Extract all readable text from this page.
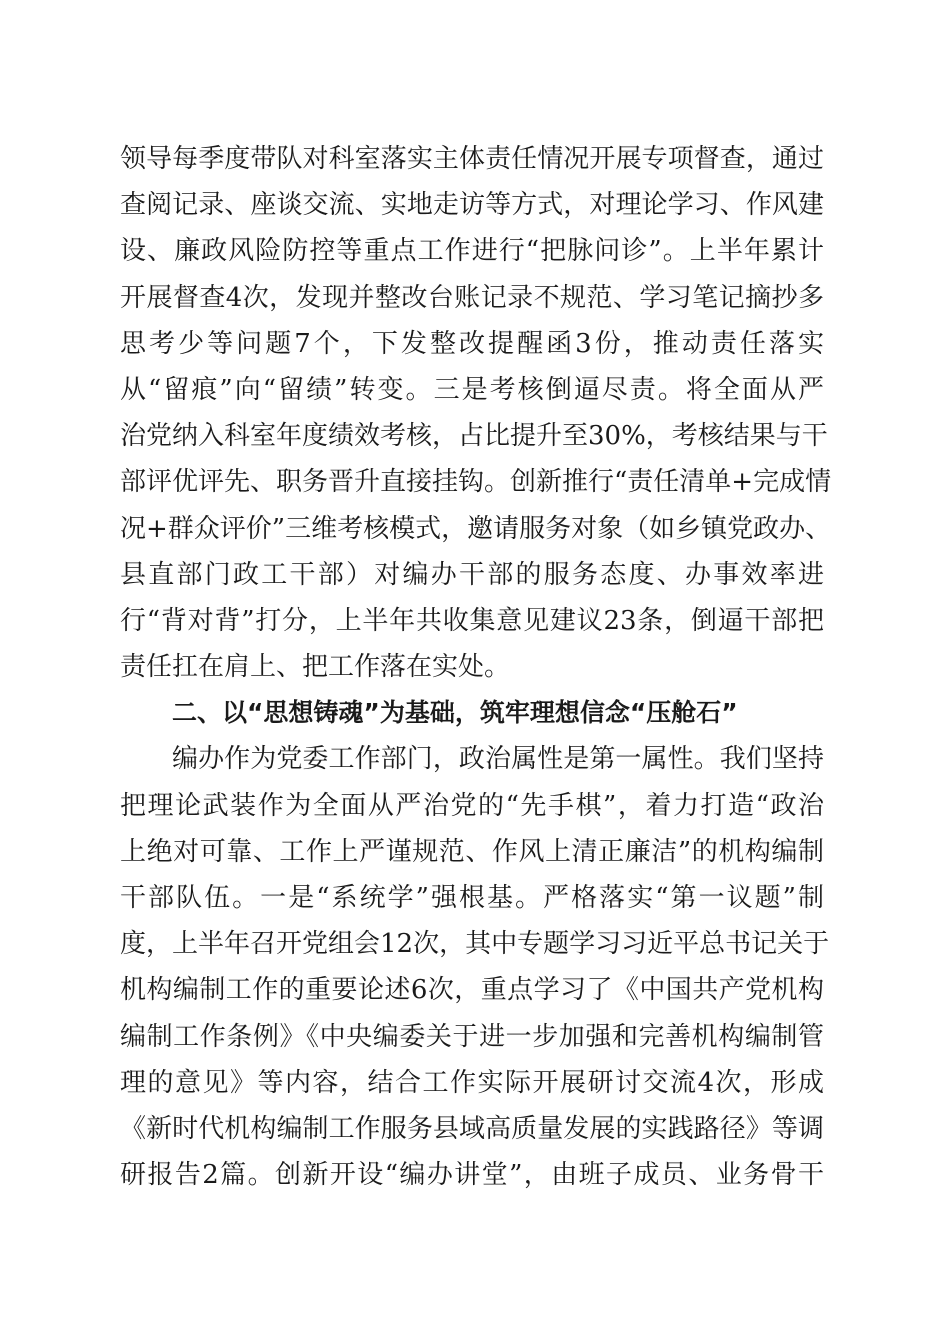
领导每季度带队对科室落实主体责任情况开展专项督查，通过
查阅记录、座谈交流、实地走访等方式，对理论学习、作风建
设、廉政风险防控等重点工作进行“把脉问诊”。上半年累计
开展督查4次，发现并整改台账记录不规范、学习笔记摘抄多
思考少等问题7个，下发整改提醒函3份，推动责任落实
从“留痕”向“留绩”转变。三是考核倒逼尽责。将全面从严
治党纳入科室年度绩效考核，占比提升至30%，考核结果与干
部评优评先、职务晋升直接挂钩。创新推行“责任清单+完成情
况+群众评价”三维考核模式，邀请服务对象（如乡镇党政办、
县直部门政工干部）对编办干部的服务态度、办事效率进
行“背对背”打分，上半年共收集意见建议23条，倒逼干部把
责任扛在肩上、把工作落在实处。
二、以“思想铸魂”为基础，筑牢理想信念“压舱石”
编办作为党委工作部门，政治属性是第一属性。我们坚持
把理论武装作为全面从严治党的“先手棋”，着力打造“政治
上绝对可靠、工作上严谨规范、作风上清正廉洁”的机构编制
干部队伍。一是“系统学”强根基。严格落实“第一议题”制
度，上半年召开党组会12次，其中专题学习习近平总书记关于
机构编制工作的重要论述6次，重点学习了《中国共产党机构
编制工作条例》《中央编委关于进一步加强和完善机构编制管
理的意见》等内容，结合工作实际开展研讨交流4次，形成
《新时代机构编制工作服务县域高质量发展的实践路径》等调
研报告2篇。创新开设“编办讲堂”，由班子成员、业务骨干
